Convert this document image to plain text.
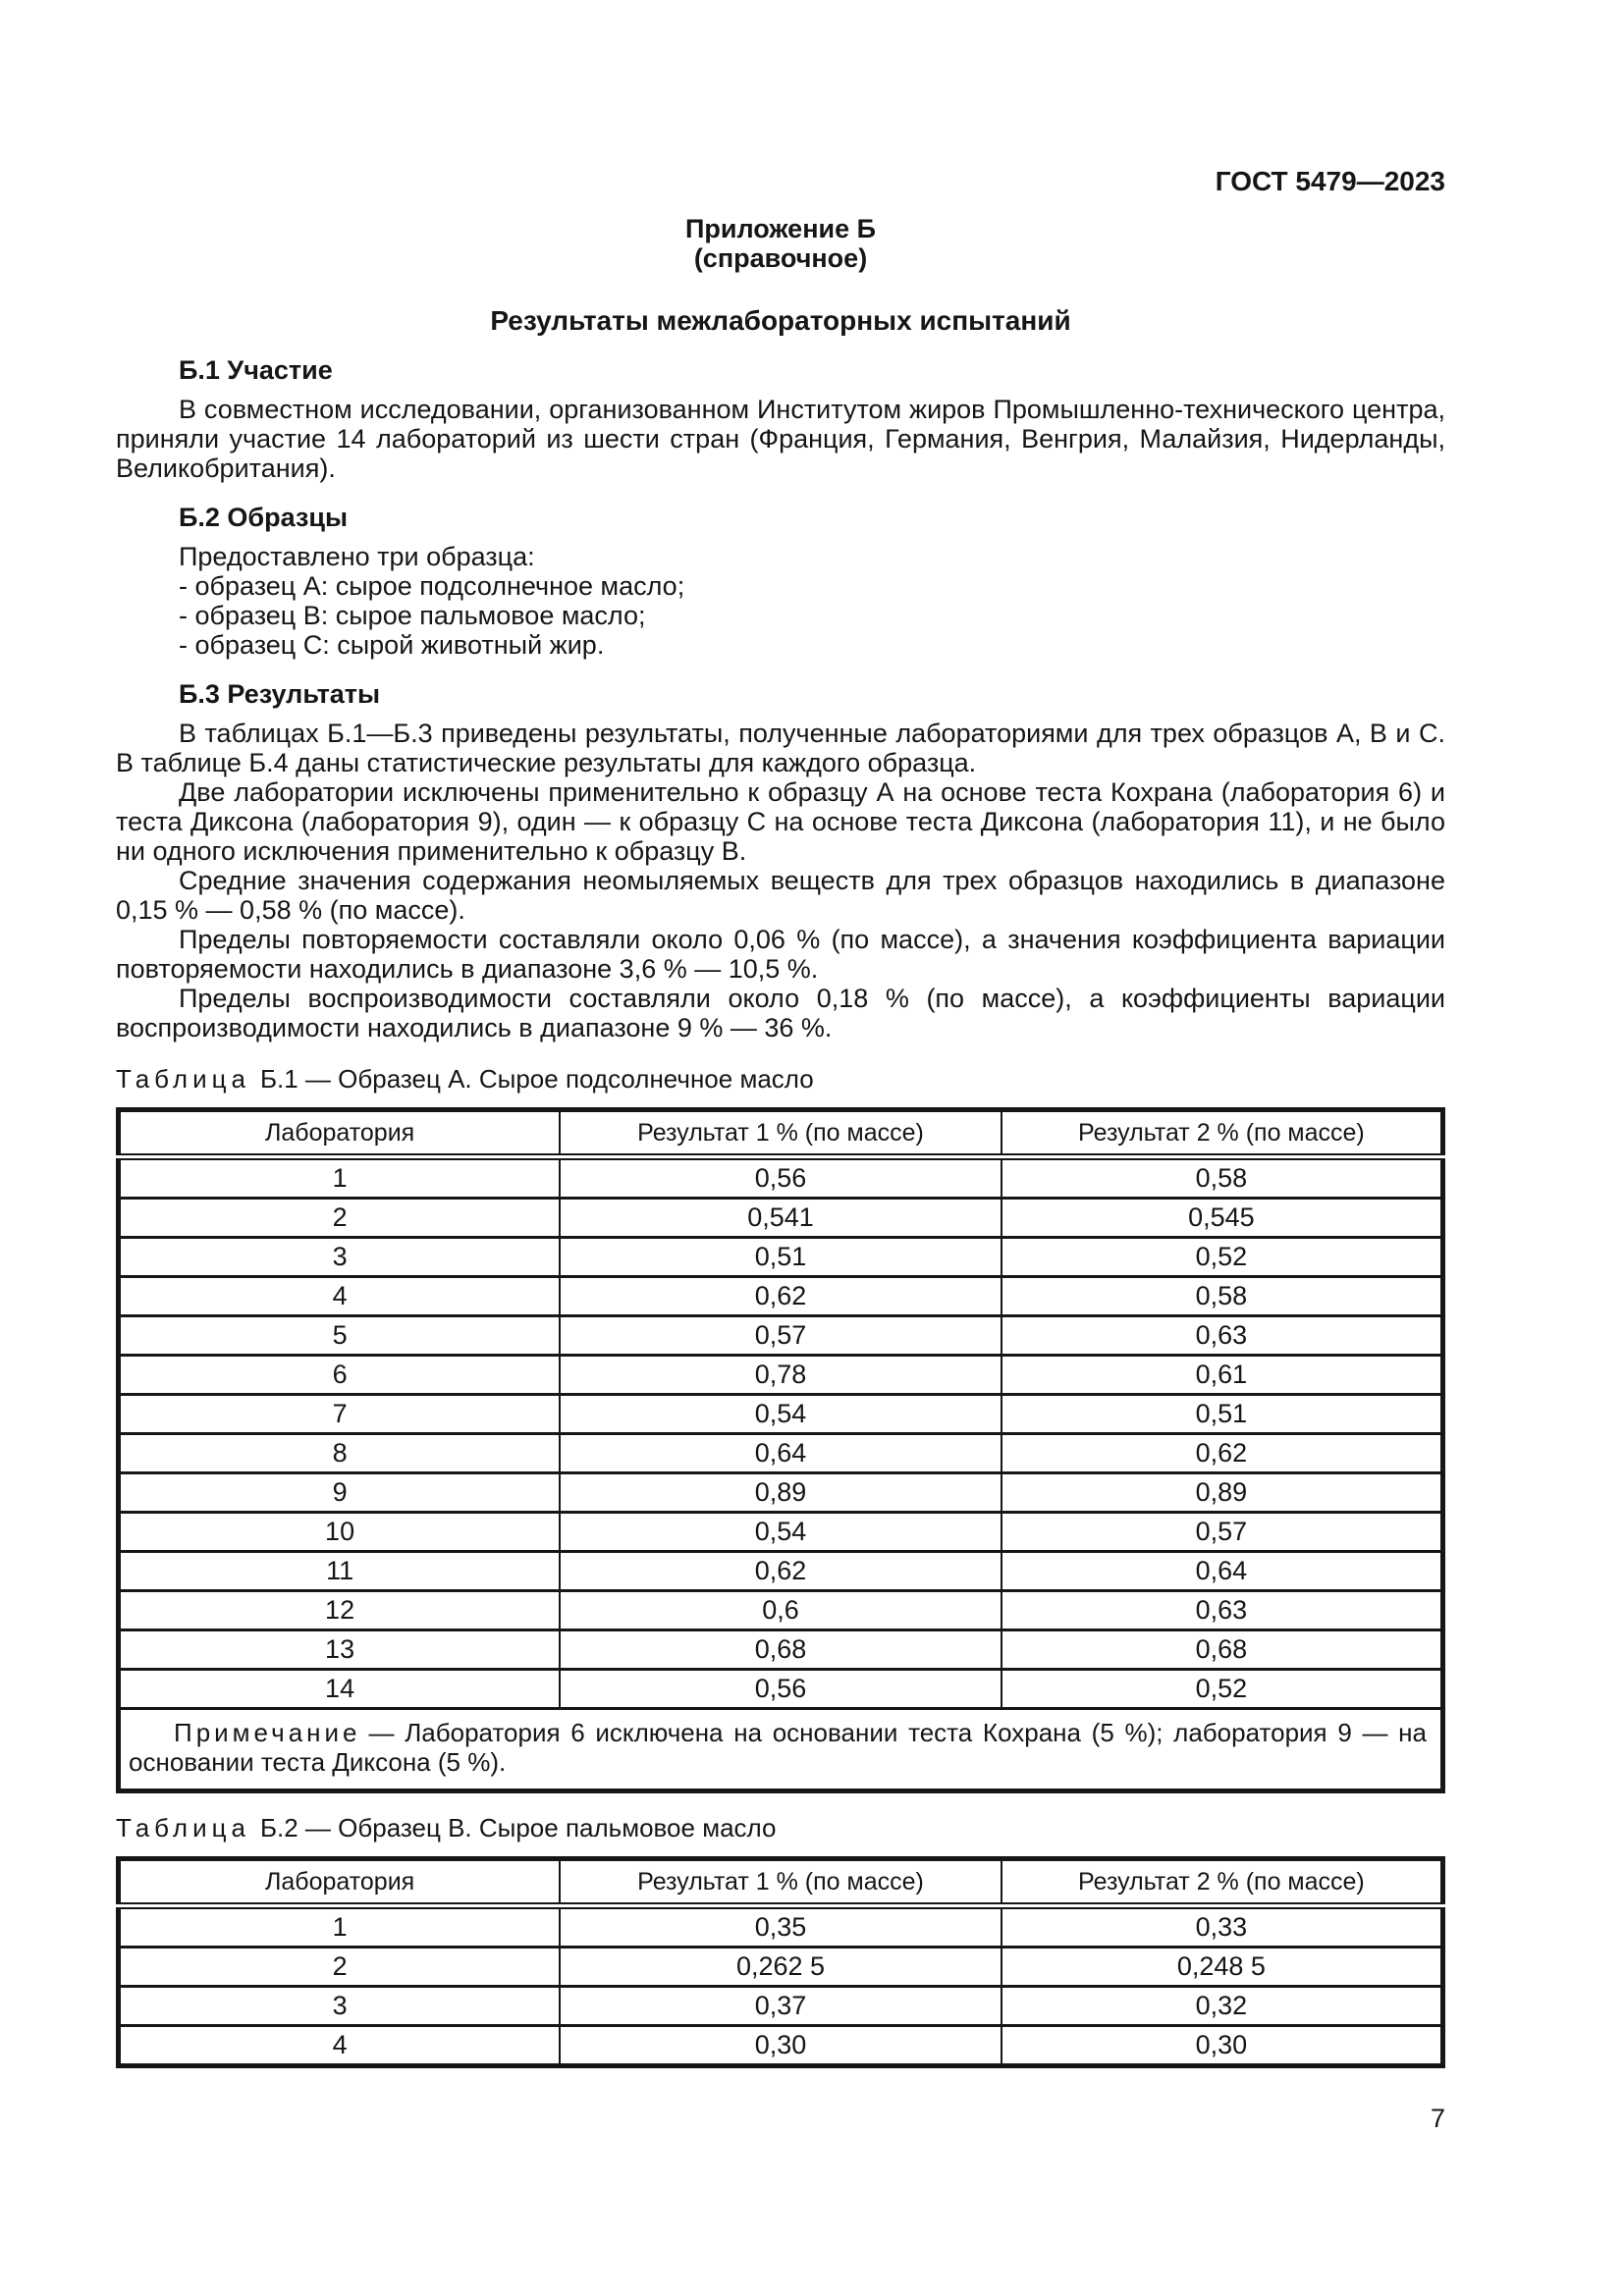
ГОСТ 5479—2023
Приложение Б
(справочное)
Результаты межлабораторных испытаний
Б.1 Участие

В совместном исследовании, организованном Институтом жиров Промышленно-технического центра, приняли участие 14 лабораторий из шести стран (Франция, Германия, Венгрия, Малайзия, Нидерланды, Великобритания).

Б.2 Образцы

Предоставлено три образца:

- образец А: сырое подсолнечное масло;

- образец В: сырое пальмовое масло;

- образец С: сырой животный жир.

Б.3 Результаты

В таблицах Б.1—Б.3 приведены результаты, полученные лабораториями для трех образцов А, В и С. В таблице Б.4 даны статистические результаты для каждого образца.

Две лаборатории исключены применительно к образцу А на основе теста Кохрана (лаборатория 6) и теста Диксона (лаборатория 9), один — к образцу С на основе теста Диксона (лаборатория 11), и не было ни одного исключения применительно к образцу В.

Средние значения содержания неомыляемых веществ для трех образцов находились в диапазоне 0,15 % — 0,58 % (по массе).

Пределы повторяемости составляли около 0,06 % (по массе), а значения коэффициента вариации повторяемости находились в диапазоне 3,6 % — 10,5 %.

Пределы воспроизводимости составляли около 0,18 % (по массе), а коэффициенты вариации воспроизводимости находились в диапазоне 9 % — 36 %.

Таблица Б.1 — Образец А. Сырое подсолнечное масло
Лаборатория	Результат 1 % (по массе)	Результат 2 % (по массе)
1	0,56	0,58
2	0,541	0,545
3	0,51	0,52
4	0,62	0,58
5	0,57	0,63
6	0,78	0,61
7	0,54	0,51
8	0,64	0,62
9	0,89	0,89
10	0,54	0,57
11	0,62	0,64
12	0,6	0,63
13	0,68	0,68
14	0,56	0,52

Примечание — Лаборатория 6 исключена на основании теста Кохрана (5 %); лаборатория 9 — на основании теста Диксона (5 %).		

Таблица Б.2 — Образец В. Сырое пальмовое масло
Лаборатория	Результат 1 % (по массе)	Результат 2 % (по массе)
1	0,35	0,33
2	0,262 5	0,248 5
3	0,37	0,32
4	0,30	0,30
7
